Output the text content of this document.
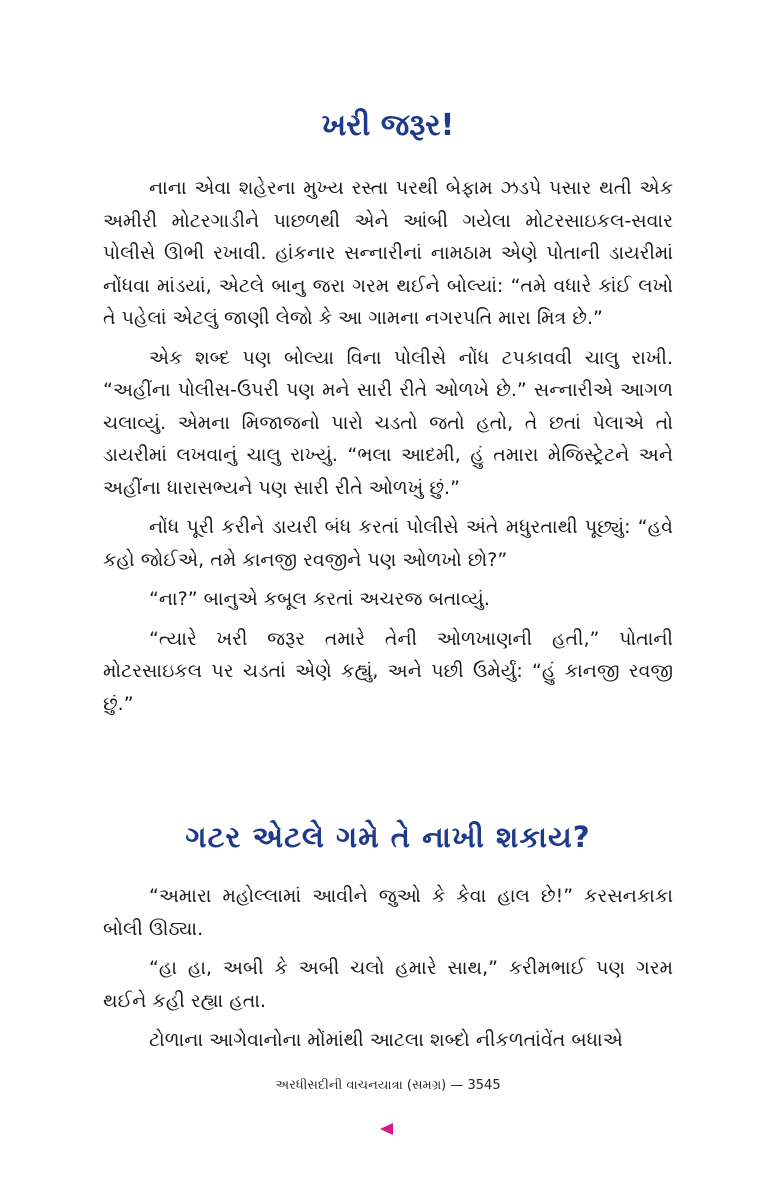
ખરી જરૂર!

નાના એવા શહેરના મુખ્ય રસ્તા પરથી બેફામ ઝડપે પસાર થતી એક અમીરી મોટરગાડીને પાછળથી એને આંબી ગયેલા મોટરસાઇકલ-સવાર પોલીસે ઊભી રખાવી. હાંકનાર સન્નારીનાં નામઠામ એણે પોતાની ડાયરીમાં નોંધવા માંડયાં, એટલે બાનુ જરા ગરમ થઈને બોલ્યાં: “તમે વધારે કાંઈ લખો તે પહેલાં એટલું જાણી લેજો કે આ ગામના નગરપતિ મારા મિત્ર છે.”

એક શબ્દ પણ બોલ્યા વિના પોલીસે નોંધ ટપકાવવી ચાલુ રાખી. “અહીંના પોલીસ-ઉપરી પણ મને સારી રીતે ઓળખે છે.” સન્નારીએ આગળ ચલાવ્યું. એમના મિજાજનો પારો ચડતો જતો હતો, તે છતાં પેલાએ તો ડાયરીમાં લખવાનું ચાલુ રાખ્યું. “ભલા આદમી, હું તમારા મેજિસ્ટ્રેટને અને અહીંના ધારાસભ્યને પણ સારી રીતે ઓળખું છું.”

નોંધ પૂરી કરીને ડાયરી બંધ કરતાં પોલીસે અંતે મધુરતાથી પૂછ્યું: “હવે કહો જોઈએ, તમે કાનજી રવજીને પણ ઓળખો છો?”

“ના?” બાનુએ કબૂલ કરતાં અચરજ બતાવ્યું.

“ત્યારે ખરી જરૂર તમારે તેની ઓળખાણની હતી,” પોતાની મોટરસાઇકલ પર ચડતાં એણે કહ્યું, અને પછી ઉમેર્યું: “હું કાનજી રવજી છું.”

ગટર એટલે ગમે તે નાખી શકાય?

“અમારા મહોલ્લામાં આવીને જુઓ કે કેવા હાલ છે!” કરસનકાકા બોલી ઊઠ્યા.

“હા હા, અબી કે અબી ચલો હમારે સાથ,” કરીમભાઈ પણ ગરમ થઈને કહી રહ્યા હતા.

ટોળાના આગેવાનોના મોંમાંથી આટલા શબ્દો નીકળતાંવેંત બધાએ

અરધીસદીની વાચનયાત્રા (સમગ્ર) — 3545
